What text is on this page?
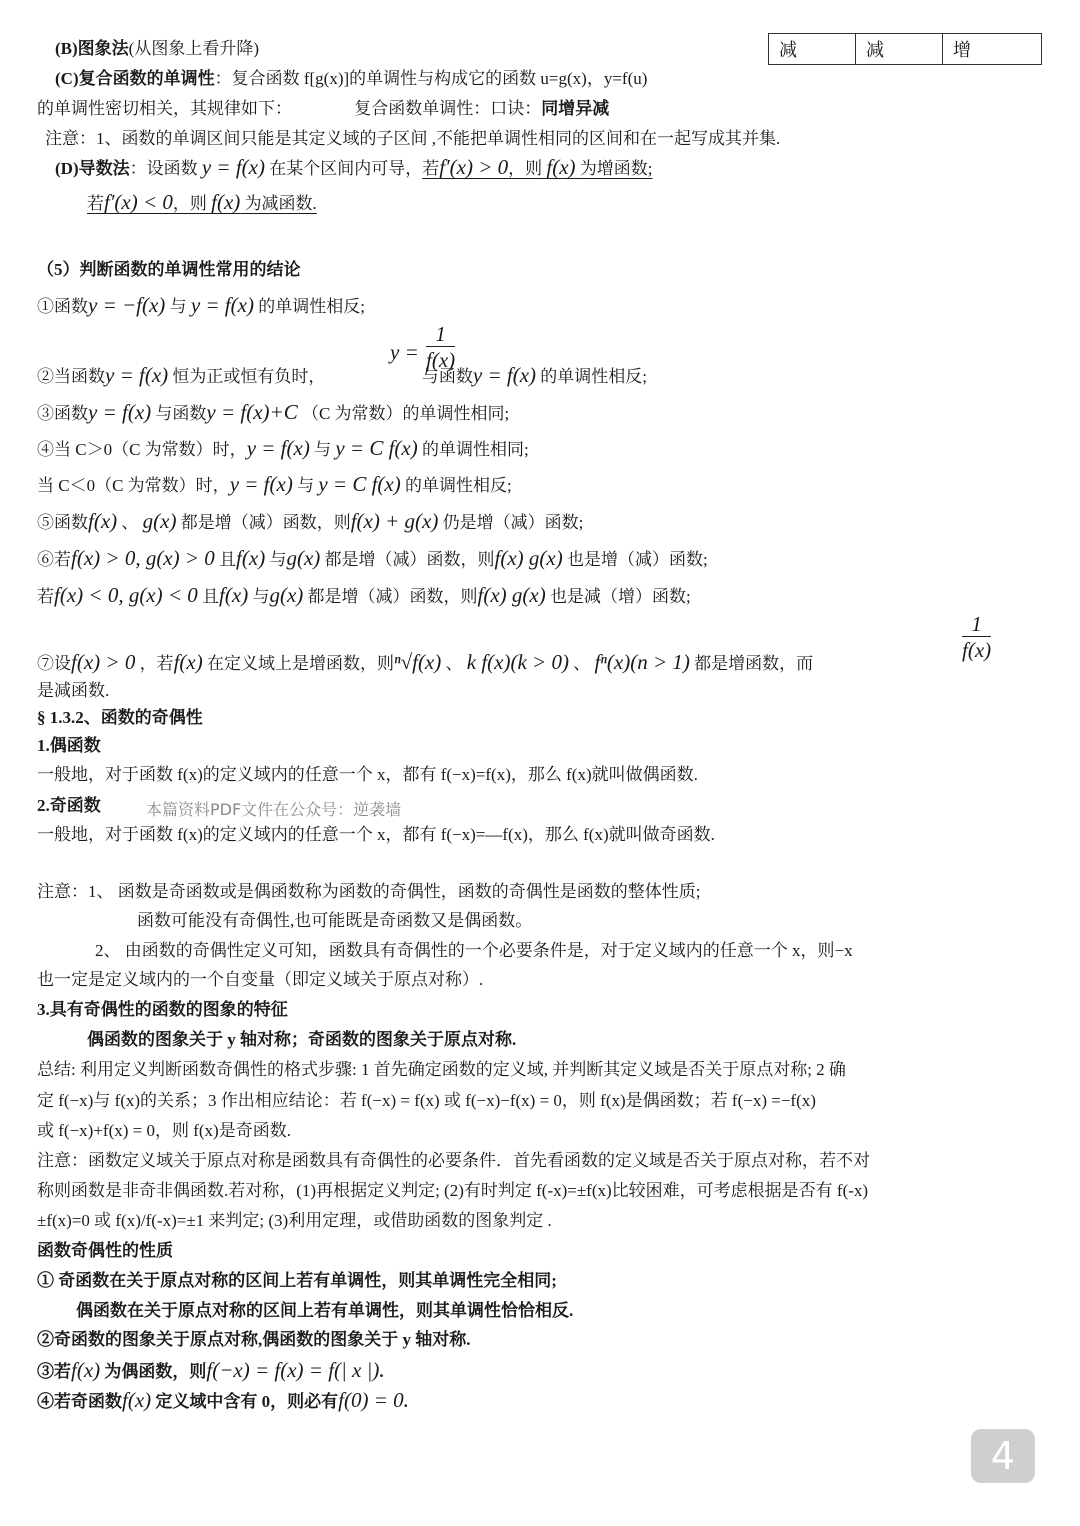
减	减	增
(B)图象法(从图象上看升降)
(C)复合函数的单调性：复合函数 f[g(x)]的单调性与构成它的函数 u=g(x)，y=f(u)
的单调性密切相关，其规律如下：	复合函数单调性：口诀：同增异减
注意：1、函数的单调区间只能是其定义域的子区间 ,不能把单调性相同的区间和在一起写成其并集.
(D)导数法：设函数 y = f(x) 在某个区间内可导，若f′(x) > 0，则 f(x) 为增函数;
若f′(x) < 0，则 f(x) 为减函数.
（5）判断函数的单调性常用的结论
①函数y = −f(x) 与 y = f(x) 的单调性相反;
$y = \frac{1}{f(x)}$
②当函数y = f(x) 恒为正或恒有负时，	与函数y = f(x) 的单调性相反;
③函数y = f(x) 与函数y = f(x)+C （C 为常数）的单调性相同;
④当 C＞0（C 为常数）时，y = f(x) 与 y = C f(x) 的单调性相同;
当 C＜0（C 为常数）时，y = f(x) 与 y = C f(x) 的单调性相反;
⑤函数f(x) 、 g(x) 都是增（减）函数，则f(x) + g(x) 仍是增（减）函数;
⑥若f(x) > 0, g(x) > 0 且f(x) 与g(x) 都是增（减）函数，则f(x) g(x) 也是增（减）函数;
若f(x) < 0, g(x) < 0 且f(x) 与g(x) 都是增（减）函数，则f(x) g(x) 也是减（增）函数;
$\frac{1}{f(x)}$
⑦设f(x) > 0 ，若f(x) 在定义域上是增函数，则ⁿ√f(x) 、 k f(x)(k > 0) 、 fⁿ(x)(n > 1) 都是增函数，而
是减函数.
§ 1.3.2、函数的奇偶性
1.偶函数
一般地，对于函数 f(x)的定义域内的任意一个 x，都有 f(−x)=f(x)，那么 f(x)就叫做偶函数.
2.奇函数	本篇资料PDF文件在公众号：逆袭墙
一般地，对于函数 f(x)的定义域内的任意一个 x，都有 f(−x)=—f(x)，那么 f(x)就叫做奇函数.
注意：1、 函数是奇函数或是偶函数称为函数的奇偶性，函数的奇偶性是函数的整体性质;
函数可能没有奇偶性,也可能既是奇函数又是偶函数。
2、 由函数的奇偶性定义可知，函数具有奇偶性的一个必要条件是，对于定义域内的任意一个 x，则−x
也一定是定义域内的一个自变量（即定义域关于原点对称）.
3.具有奇偶性的函数的图象的特征
偶函数的图象关于 y 轴对称；奇函数的图象关于原点对称.
总结: 利用定义判断函数奇偶性的格式步骤: 1 首先确定函数的定义域, 并判断其定义域是否关于原点对称; 2 确
定 f(−x)与 f(x)的关系；3 作出相应结论：若 f(−x) = f(x) 或 f(−x)−f(x) = 0，则 f(x)是偶函数；若 f(−x) =−f(x)
或 f(−x)+f(x) = 0，则 f(x)是奇函数.
注意：函数定义域关于原点对称是函数具有奇偶性的必要条件．首先看函数的定义域是否关于原点对称，若不对
称则函数是非奇非偶函数.若对称，(1)再根据定义判定; (2)有时判定 f(-x)=±f(x)比较困难，可考虑根据是否有 f(-x)
±f(x)=0 或 f(x)/f(-x)=±1 来判定; (3)利用定理，或借助函数的图象判定 .
函数奇偶性的性质
① 奇函数在关于原点对称的区间上若有单调性，则其单调性完全相同;
偶函数在关于原点对称的区间上若有单调性，则其单调性恰恰相反.
②奇函数的图象关于原点对称,偶函数的图象关于 y 轴对称.
③若f(x) 为偶函数，则f(−x) = f(x) = f(| x |).
④若奇函数f(x) 定义域中含有 0，则必有f(0) = 0.
4
